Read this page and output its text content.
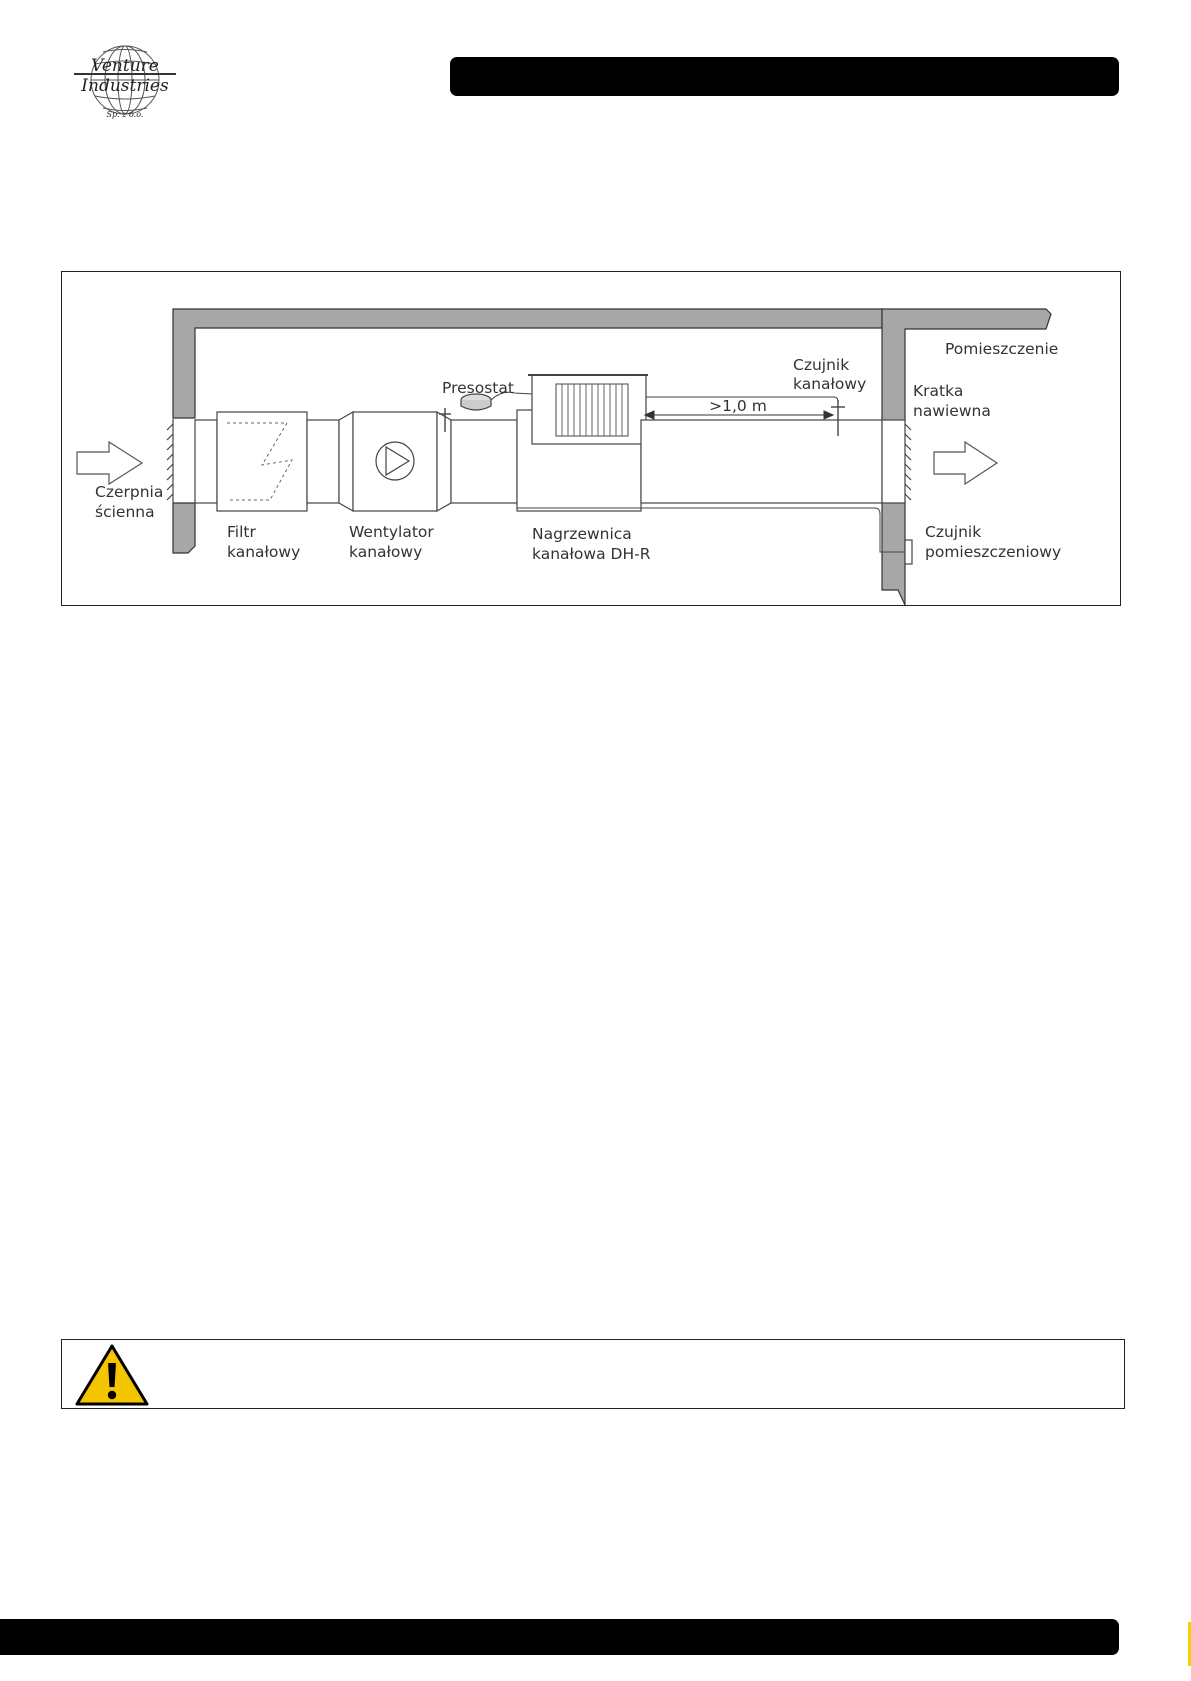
Venture
Industries
Sp. z o.o.
Czerpnia
ścienna
Filtr
kanałowy
Wentylator
kanałowy
Presostat
Nagrzewnica
kanałowa DH-R
Czujnik
kanałowy
>1,0 m
Pomieszczenie
Kratka
nawiewna
Czujnik
pomieszczeniowy
